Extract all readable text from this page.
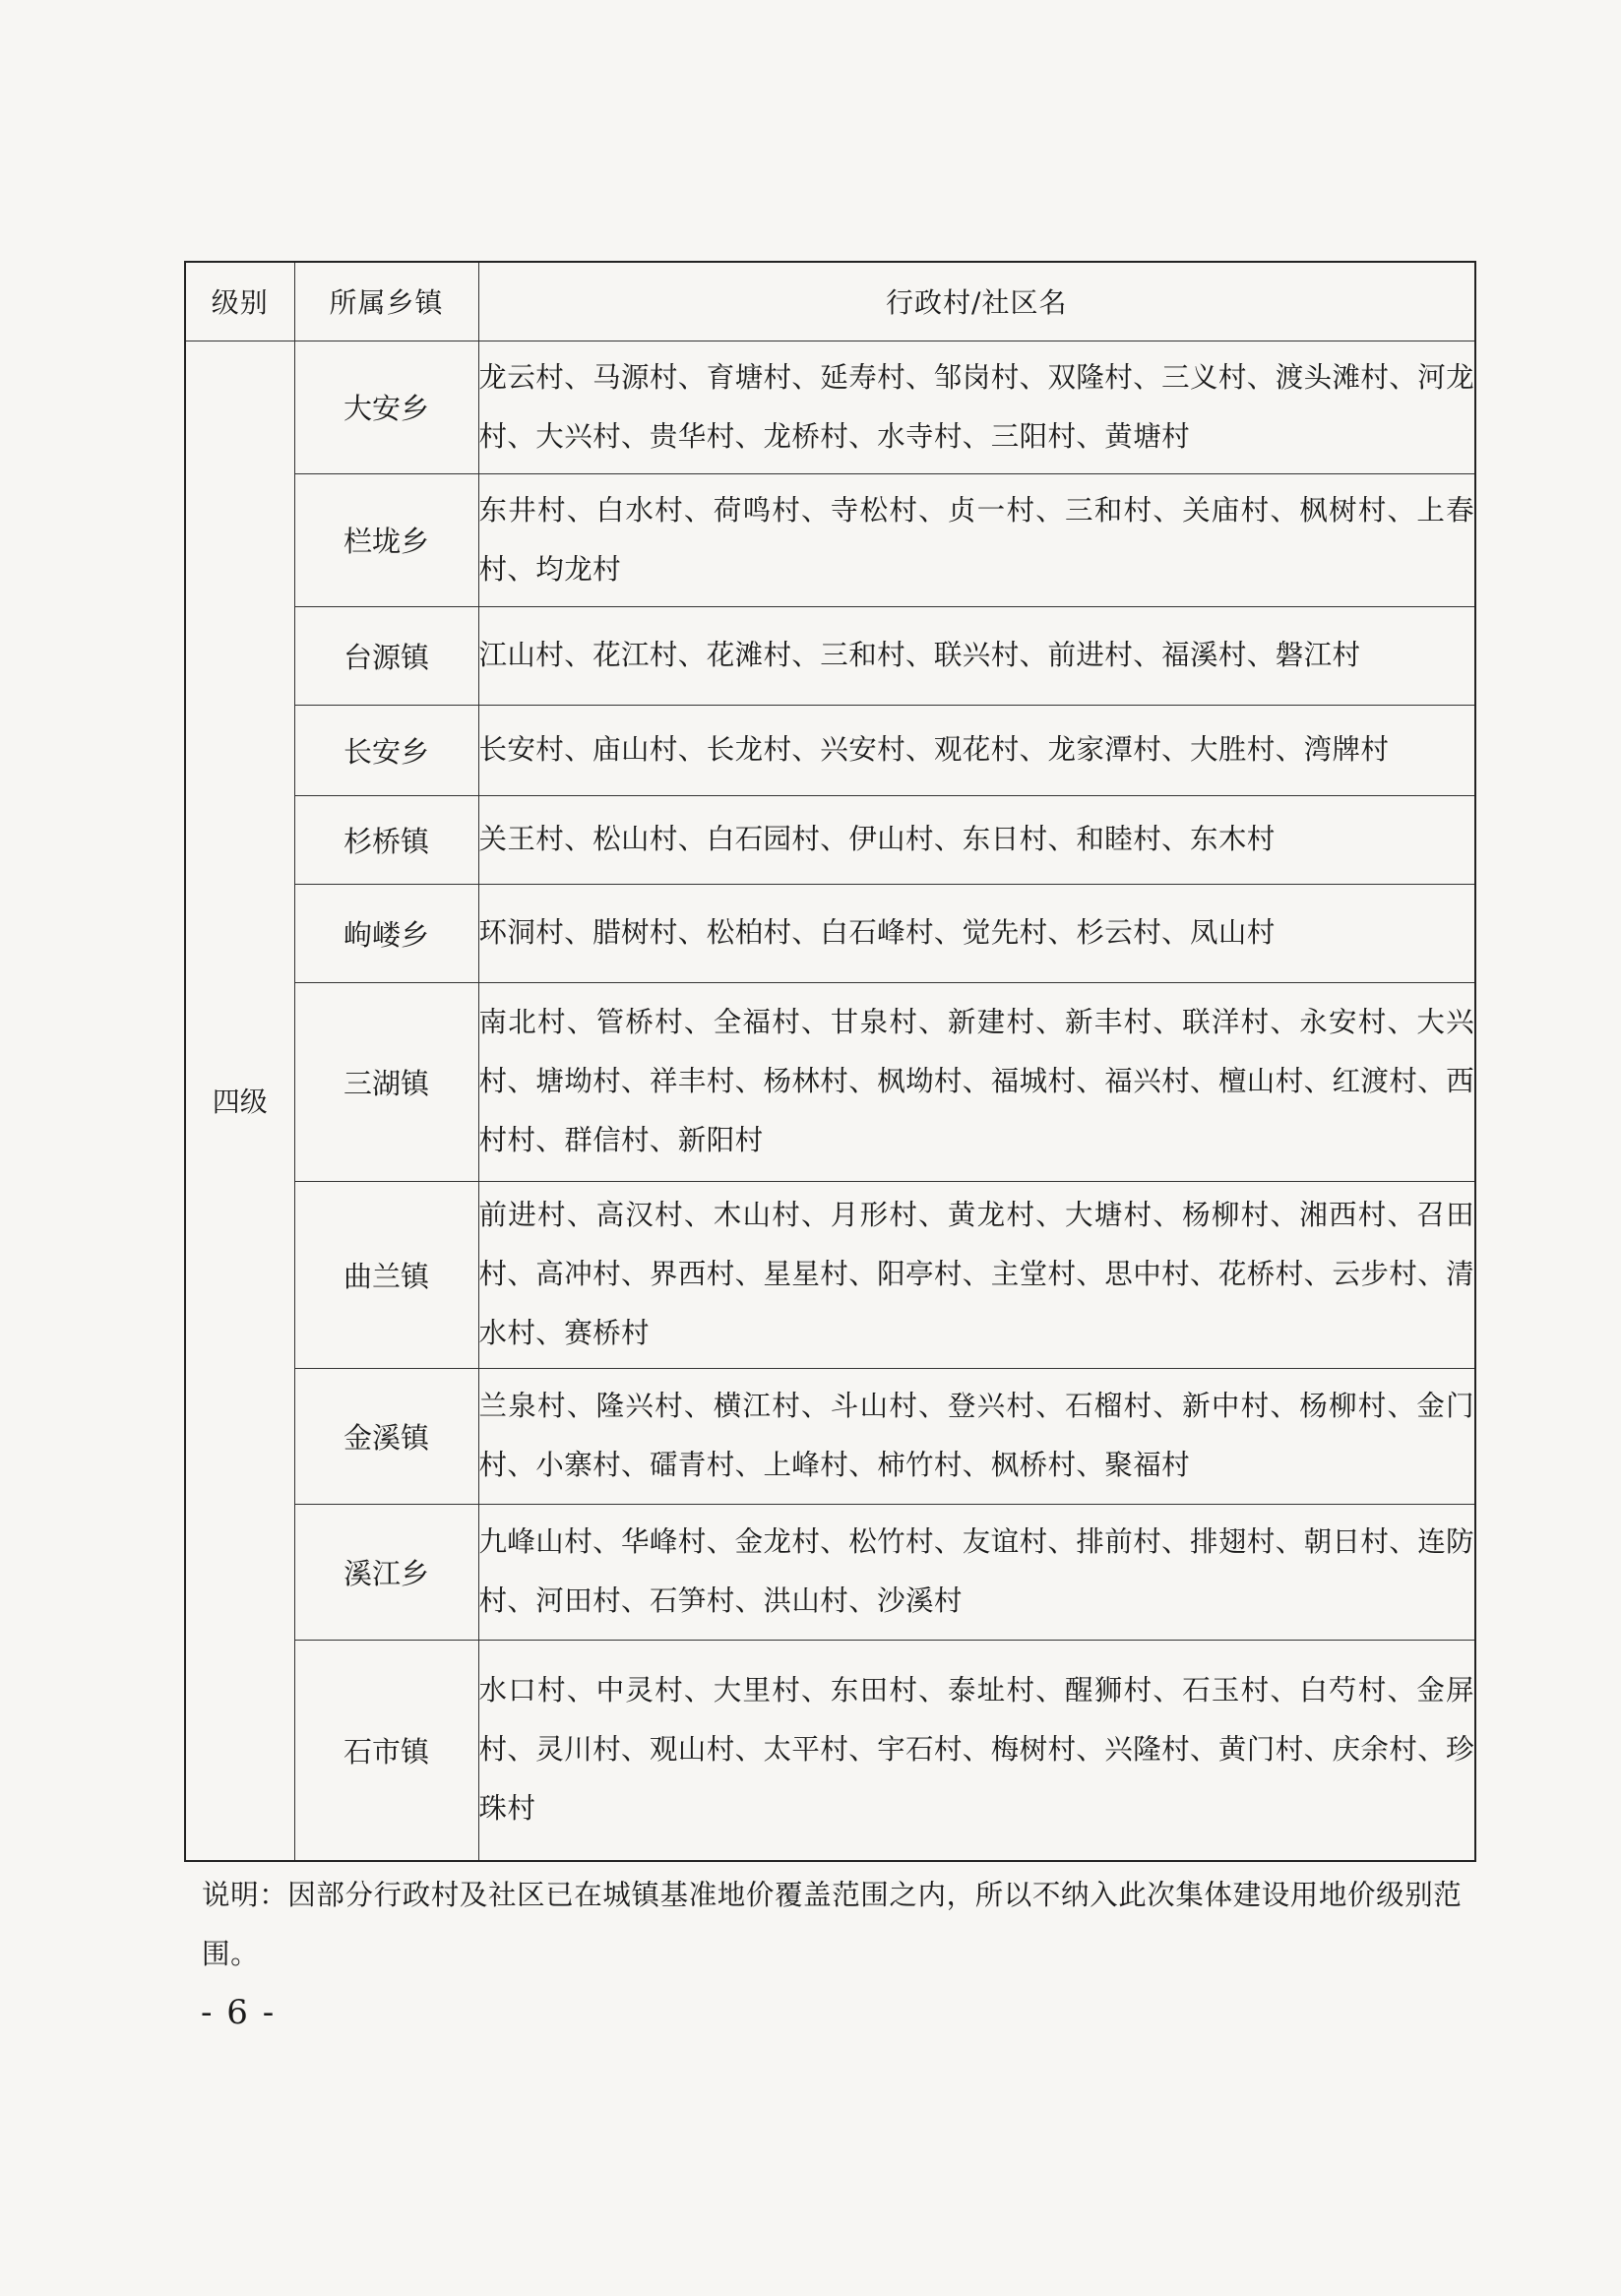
级别	所属乡镇	行政村/社区名
四级	大安乡	龙云村、马源村、育塘村、延寿村、邹岗村、双隆村、三义村、渡头滩村、河龙村、大兴村、贵华村、龙桥村、水寺村、三阳村、黄塘村
	栏垅乡	东井村、白水村、荷鸣村、寺松村、贞一村、三和村、关庙村、枫树村、上春村、均龙村
	台源镇	江山村、花江村、花滩村、三和村、联兴村、前进村、福溪村、磐江村
	长安乡	长安村、庙山村、长龙村、兴安村、观花村、龙家潭村、大胜村、湾牌村
	杉桥镇	关王村、松山村、白石园村、伊山村、东日村、和睦村、东木村
	岣嵝乡	环洞村、腊树村、松柏村、白石峰村、觉先村、杉云村、凤山村
	三湖镇	南北村、管桥村、全福村、甘泉村、新建村、新丰村、联洋村、永安村、大兴村、塘坳村、祥丰村、杨林村、枫坳村、福城村、福兴村、檀山村、红渡村、西村村、群信村、新阳村
	曲兰镇	前进村、高汉村、木山村、月形村、黄龙村、大塘村、杨柳村、湘西村、召田村、高冲村、界西村、星星村、阳亭村、主堂村、思中村、花桥村、云步村、清水村、赛桥村
	金溪镇	兰泉村、隆兴村、横江村、斗山村、登兴村、石榴村、新中村、杨柳村、金门村、小寨村、礌青村、上峰村、柿竹村、枫桥村、聚福村
	溪江乡	九峰山村、华峰村、金龙村、松竹村、友谊村、排前村、排翅村、朝日村、连防村、河田村、石笋村、洪山村、沙溪村
	石市镇	水口村、中灵村、大里村、东田村、泰址村、醒狮村、石玉村、白芍村、金屏村、灵川村、观山村、太平村、宇石村、梅树村、兴隆村、黄门村、庆余村、珍珠村
说明：因部分行政村及社区已在城镇基准地价覆盖范围之内，所以不纳入此次集体建设用地价级别范围。
- 6 -
